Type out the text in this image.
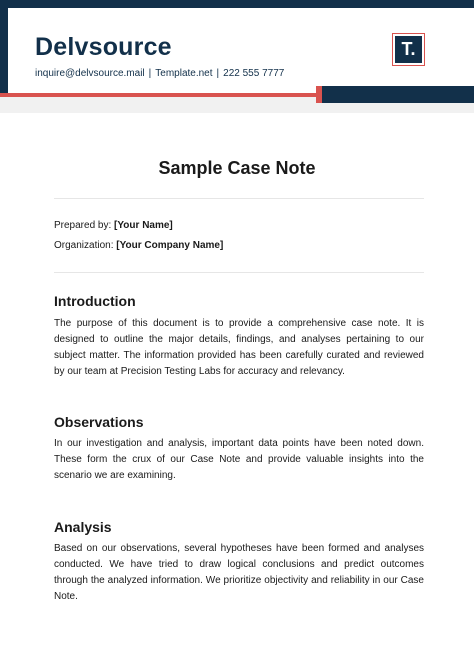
Delvsource
inquire@delvsource.mail | Template.net | 222 555 7777
T.
Sample Case Note
Prepared by: [Your Name]
Organization: [Your Company Name]
Introduction
The purpose of this document is to provide a comprehensive case note. It is designed to outline the major details, findings, and analyses pertaining to our subject matter. The information provided has been carefully curated and reviewed by our team at Precision Testing Labs for accuracy and relevancy.
Observations
In our investigation and analysis, important data points have been noted down. These form the crux of our Case Note and provide valuable insights into the scenario we are examining.
Analysis
Based on our observations, several hypotheses have been formed and analyses conducted. We have tried to draw logical conclusions and predict outcomes through the analyzed information. We prioritize objectivity and reliability in our Case Note.
